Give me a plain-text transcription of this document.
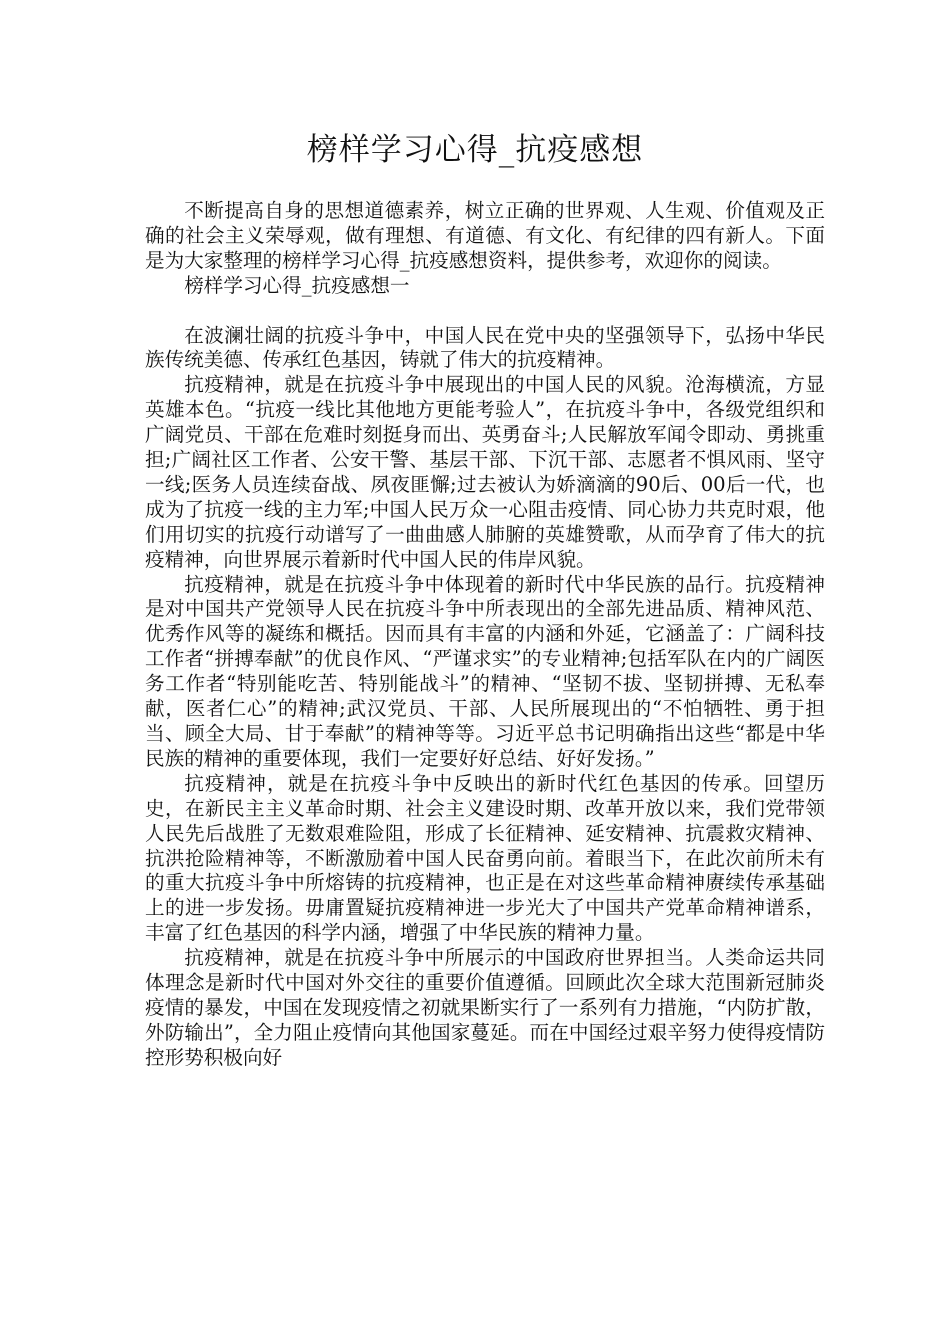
榜样学习心得_抗疫感想

不断提高自身的思想道德素养，树立正确的世界观、人生观、价值观及正确的社会主义荣辱观，做有理想、有道德、有文化、有纪律的四有新人。下面是为大家整理的榜样学习心得_抗疫感想资料，提供参考，欢迎你的阅读。

榜样学习心得_抗疫感想一

在波澜壮阔的抗疫斗争中，中国人民在党中央的坚强领导下，弘扬中华民族传统美德、传承红色基因，铸就了伟大的抗疫精神。

抗疫精神，就是在抗疫斗争中展现出的中国人民的风貌。沧海横流，方显英雄本色。“抗疫一线比其他地方更能考验人”，在抗疫斗争中，各级党组织和广阔党员、干部在危难时刻挺身而出、英勇奋斗;人民解放军闻令即动、勇挑重担;广阔社区工作者、公安干警、基层干部、下沉干部、志愿者不惧风雨、坚守一线;医务人员连续奋战、夙夜匪懈;过去被认为娇滴滴的90后、00后一代，也成为了抗疫一线的主力军;中国人民万众一心阻击疫情、同心协力共克时艰，他们用切实的抗疫行动谱写了一曲曲感人肺腑的英雄赞歌，从而孕育了伟大的抗疫精神，向世界展示着新时代中国人民的伟岸风貌。

抗疫精神，就是在抗疫斗争中体现着的新时代中华民族的品行。抗疫精神是对中国共产党领导人民在抗疫斗争中所表现出的全部先进品质、精神风范、优秀作风等的凝练和概括。因而具有丰富的内涵和外延，它涵盖了：广阔科技工作者“拼搏奉献”的优良作风、“严谨求实”的专业精神;包括军队在内的广阔医务工作者“特别能吃苦、特别能战斗”的精神、“坚韧不拔、坚韧拼搏、无私奉献，医者仁心”的精神;武汉党员、干部、人民所展现出的“不怕牺牲、勇于担当、顾全大局、甘于奉献”的精神等等。习近平总书记明确指出这些“都是中华民族的精神的重要体现，我们一定要好好总结、好好发扬。”

抗疫精神，就是在抗疫斗争中反映出的新时代红色基因的传承。回望历史，在新民主主义革命时期、社会主义建设时期、改革开放以来，我们党带领人民先后战胜了无数艰难险阻，形成了长征精神、延安精神、抗震救灾精神、抗洪抢险精神等，不断激励着中国人民奋勇向前。着眼当下，在此次前所未有的重大抗疫斗争中所熔铸的抗疫精神，也正是在对这些革命精神赓续传承基础上的进一步发扬。毋庸置疑抗疫精神进一步光大了中国共产党革命精神谱系，丰富了红色基因的科学内涵，增强了中华民族的精神力量。

抗疫精神，就是在抗疫斗争中所展示的中国政府世界担当。人类命运共同体理念是新时代中国对外交往的重要价值遵循。回顾此次全球大范围新冠肺炎疫情的暴发，中国在发现疫情之初就果断实行了一系列有力措施，“内防扩散，外防输出”，全力阻止疫情向其他国家蔓延。而在中国经过艰辛努力使得疫情防控形势积极向好
